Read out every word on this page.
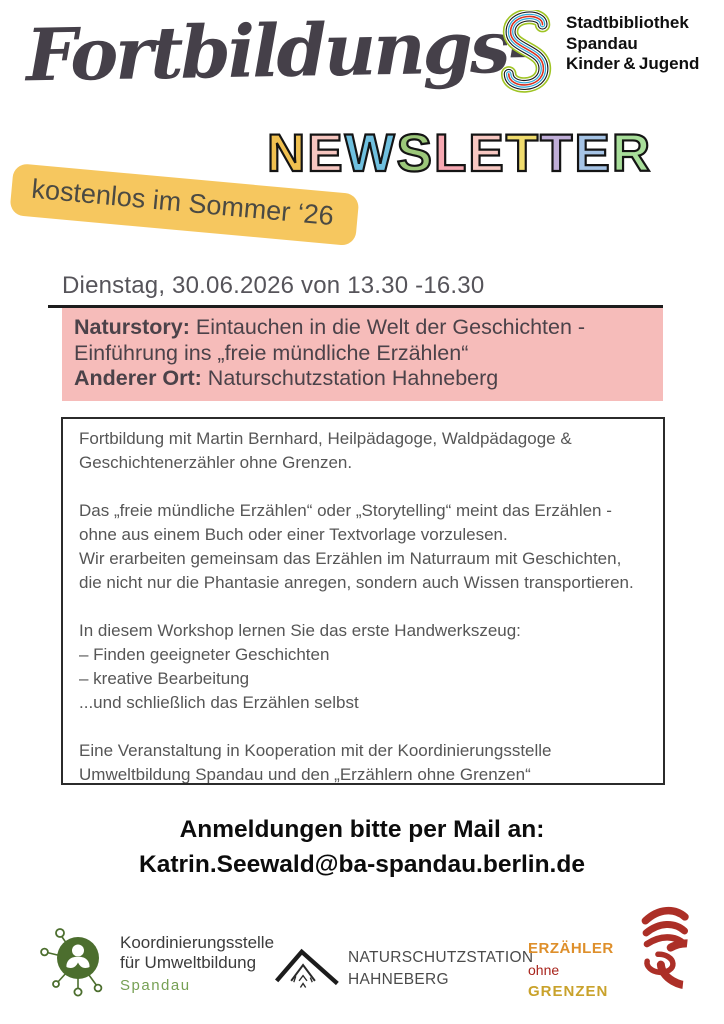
Fortbildungs- Stadtbibliothek
Spandau
Kinder & Jugend
NEWSLETTER
kostenlos im Sommer ‘26
Dienstag, 30.06.2026 von 13.30 -16.30

Naturstory: Eintauchen in die Welt der Geschichten - Einführung ins „freie mündliche Erzählen“

Anderer Ort: Naturschutzstation Hahneberg

Fortbildung mit Martin Bernhard, Heilpädagoge, Waldpädagoge & Geschichtenerzähler ohne Grenzen.

Das „freie mündliche Erzählen“ oder „Storytelling“ meint das Erzählen - ohne aus einem Buch oder einer Textvorlage vorzulesen.

Wir erarbeiten gemeinsam das Erzählen im Naturraum mit Geschichten, die nicht nur die Phantasie anregen, sondern auch Wissen transportieren.

In diesem Workshop lernen Sie das erste Handwerkszeug:

– Finden geeigneter Geschichten

– kreative Bearbeitung

...und schließlich das Erzählen selbst

Eine Veranstaltung in Kooperation mit der Koordinierungsstelle Umweltbildung Spandau und den „Erzählern ohne Grenzen“

Anmeldungen bitte per Mail an:
Katrin.Seewald@ba-spandau.berlin.de
Koordinierungsstelle
für Umweltbildung
Spandau
NATURSCHUTZSTATION
HAHNEBERG
ERZÄHLER
ohne
GRENZEN
